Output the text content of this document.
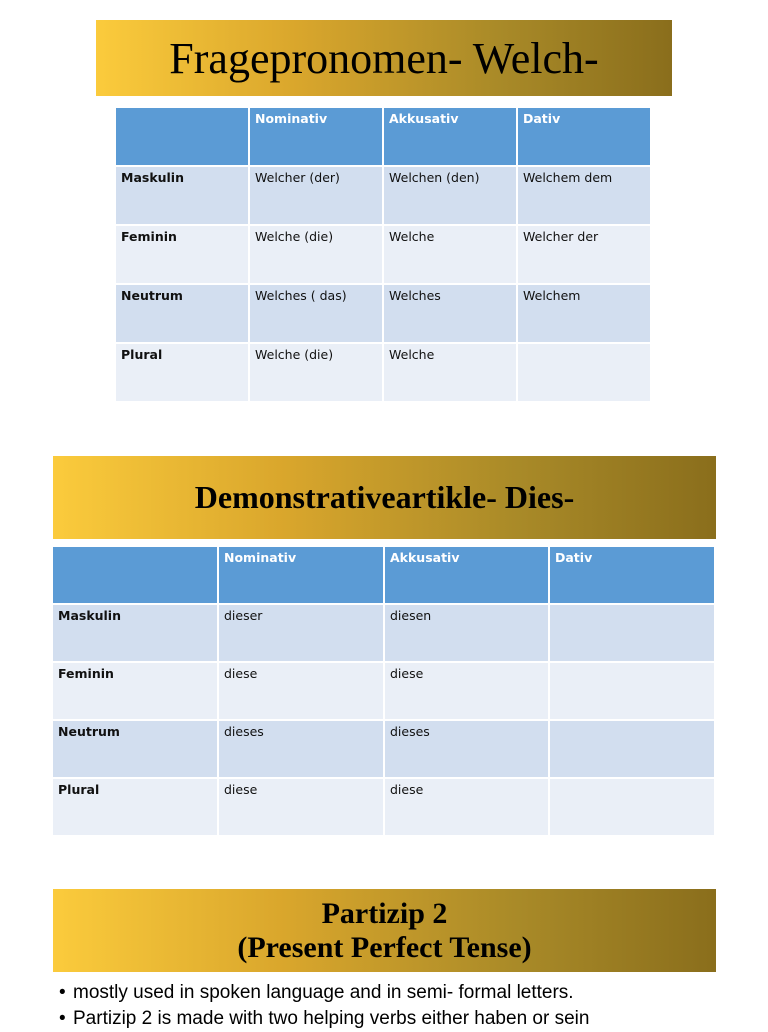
Fragepronomen- Welch-
	Nominativ	Akkusativ	Dativ
Maskulin	Welcher (der)	Welchen (den)	Welchem dem
Feminin	Welche (die)	Welche	Welcher der
Neutrum	Welches ( das)	Welches	Welchem
Plural	Welche (die)	Welche	
Demonstrativeartikle- Dies-
	Nominativ	Akkusativ	Dativ
Maskulin	dieser	diesen	
Feminin	diese	diese	
Neutrum	dieses	dieses	
Plural	diese	diese	
Partizip 2
(Present Perfect Tense)
• mostly used in spoken language and in semi- formal letters.
• Partizip 2 is made with two helping verbs either haben or sein
